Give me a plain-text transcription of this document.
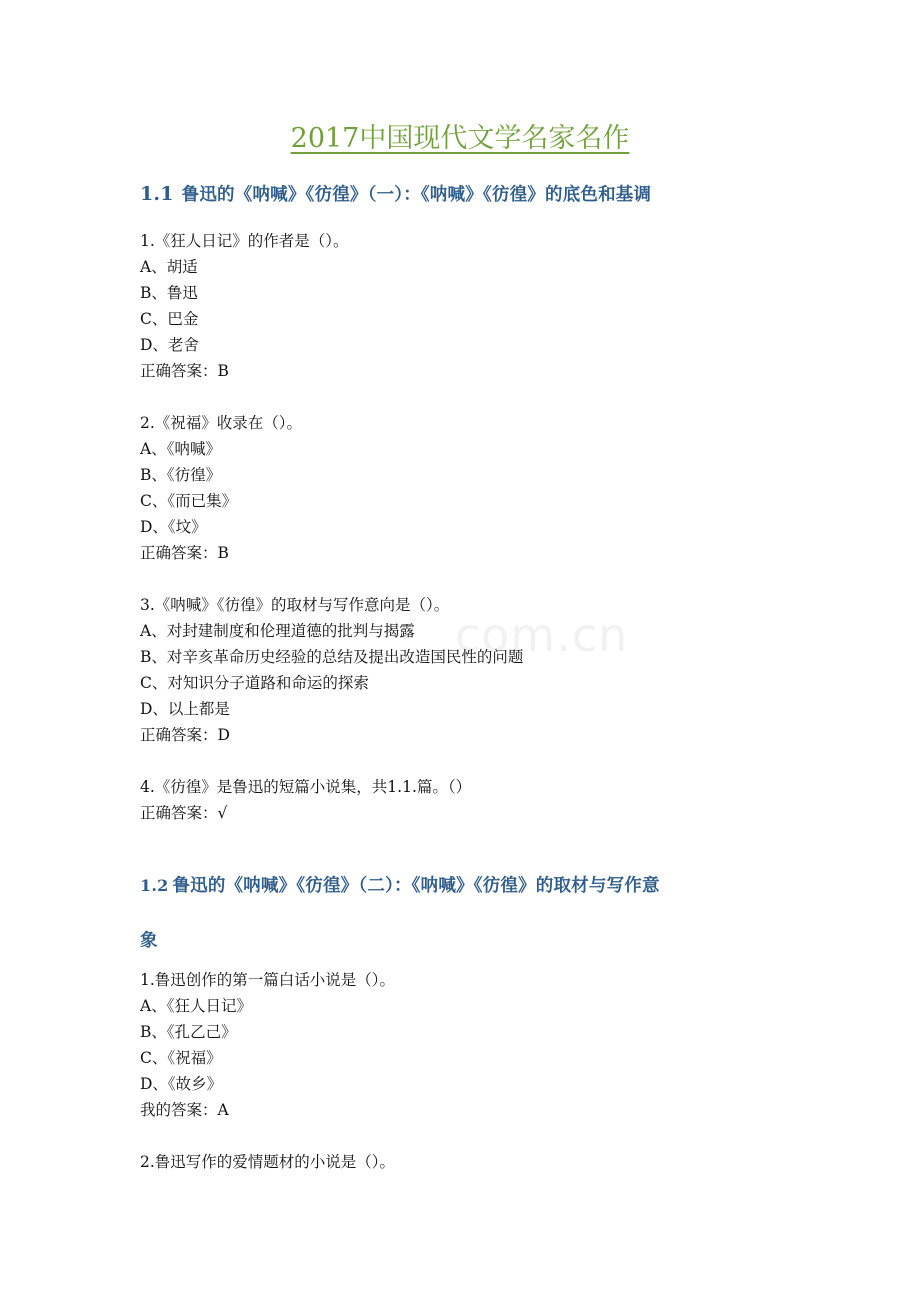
com.cn
2017中国现代文学名家名作
1.1 鲁迅的《呐喊》《彷徨》（一）：《呐喊》《彷徨》的底色和基调
1.《狂人日记》的作者是（）。
A、胡适
B、鲁迅
C、巴金
D、老舍
正确答案：B
2.《祝福》收录在（）。
A、《呐喊》
B、《彷徨》
C、《而已集》
D、《坟》
正确答案：B
3.《呐喊》《彷徨》的取材与写作意向是（）。
A、对封建制度和伦理道德的批判与揭露
B、对辛亥革命历史经验的总结及提出改造国民性的问题
C、对知识分子道路和命运的探索
D、以上都是
正确答案：D
4.《彷徨》是鲁迅的短篇小说集，共1.1.篇。（）
正确答案：√
1.2 鲁迅的《呐喊》《彷徨》（二）：《呐喊》《彷徨》的取材与写作意
象
1.鲁迅创作的第一篇白话小说是（）。
A、《狂人日记》
B、《孔乙己》
C、《祝福》
D、《故乡》
我的答案：A
2.鲁迅写作的爱情题材的小说是（）。
